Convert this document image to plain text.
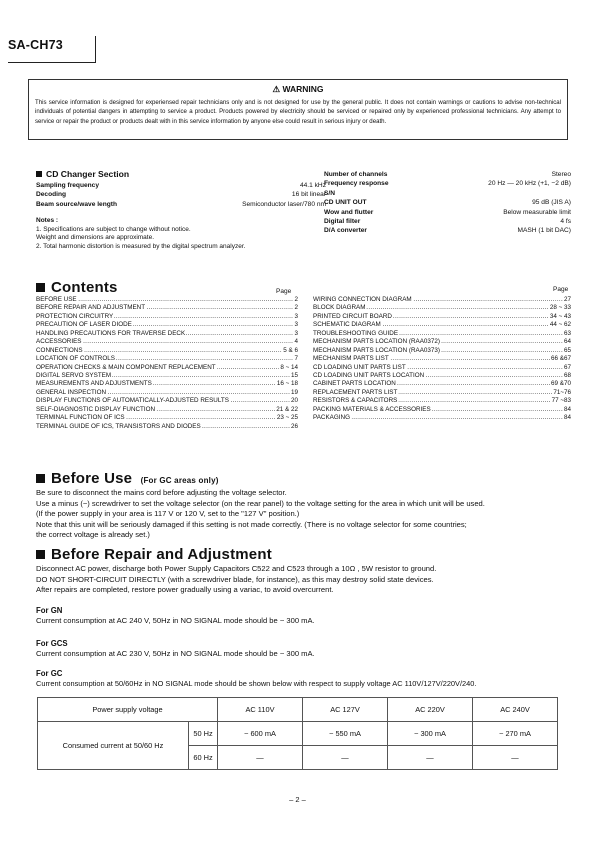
SA-CH73
⚠ WARNING
This service information is designed for experiensed repair technicians only and is not designed for use by the general public. It does not contain warnings or cautions to advise non-technical individuals of potential dangers in attempting to service a product. Products powered by electricity should be serviced or repaired only by experienced professional technicians. Any attempt to service or repair the product or products dealt with in this service information by anyone else could result in serious injury or death.
CD Changer Section
Sampling frequency	44.1 kHz
Decoding	16 bit linear
Beam source/wave length	Semiconductor laser/780 nm
Number of channels	Stereo
Frequency response	20 Hz — 20 kHz (+1, −2 dB)
S/N
CD UNIT OUT	95 dB (JIS A)
Wow and flutter	Below measurable limit
Digital filter	4 fs
D/A converter	MASH (1 bit DAC)
Notes :
1. Specifications are subject to change without notice.
Weight and dimensions are approximate.
2. Total harmonic distortion is measured by the digital spectrum analyzer.
Contents	Page	Page
..... BEFORE USE	2
..... BEFORE REPAIR AND ADJUSTMENT	2
..... PROTECTION CIRCUITRY	3
..... PRECAUTION OF LASER DIODE	3
..... HANDLING PRECAUTIONS FOR TRAVERSE DECK	3
..... ACCESSORIES	4
..... CONNECTIONS	5 & 6
..... LOCATION OF CONTROLS	7
..... OPERATION CHECKS & MAIN COMPONENT REPLACEMENT	8 ~ 14
..... DIGITAL SERVO SYSTEM	15
..... MEASUREMENTS AND ADJUSTMENTS	16 ~ 18
..... GENERAL INSPECTION	19
..... DISPLAY FUNCTIONS OF AUTOMATICALLY-ADJUSTED RESULTS	20
..... SELF-DIAGNOSTIC DISPLAY FUNCTION	21 & 22
..... TERMINAL FUNCTION OF ICS	23 ~ 25
..... TERMINAL GUIDE OF ICS, TRANSISTORS AND DIODES	26
..... WIRING CONNECTION DIAGRAM	27
..... BLOCK DIAGRAM	28 ~ 33
..... PRINTED CIRCUIT BOARD	34 ~ 43
..... SCHEMATIC DIAGRAM	44 ~ 62
..... TROUBLESHOOTING GUIDE	63
..... MECHANISM PARTS LOCATION (RAA0372)	64
..... MECHANISM PARTS LOCATION (RAA0373)	65
..... MECHANISM PARTS LIST	66 &67
..... CD LOADING UNIT PARTS LIST	67
..... CD LOADING UNIT PARTS LOCATION	68
..... CABINET PARTS LOCATION	69 &70
..... REPLACEMENT PARTS LIST	71~76
..... RESISTORS & CAPACITORS	77 ~83
..... PACKING MATERIALS & ACCESSORIES	84
..... PACKAGING	84
Before Use (For GC areas only)
Be sure to disconnect the mains cord before adjusting the voltage selector.
Use a minus (−) screwdriver to set the voltage selector (on the rear panel) to the voltage setting for the area in which unit will be used.
(If the power supply in your area is 117 V or 120 V, set to the "127 V" position.)
Note that this unit will be seriously damaged if this setting is not made correctly. (There is no voltage selector for some countries;
the correct voltage is already set.)
Before Repair and Adjustment
Disconnect AC power, discharge both Power Supply Capacitors C522 and C523 through a 10Ω , 5W resistor to ground.
DO NOT SHORT-CIRCUIT DIRECTLY (with a screwdriver blade, for instance), as this may destroy solid state devices.
After repairs are completed, restore power gradually using a variac, to avoid overcurrent.
For GN
Current consumption at AC 240 V, 50Hz in NO SIGNAL mode should be ~ 300 mA.
For GCS
Current consumption at AC 230 V, 50Hz in NO SIGNAL mode should be ~ 300 mA.
For GC
Current consumption at 50/60Hz in NO SIGNAL mode should be shown below with respect to supply voltage AC 110V/127V/220V/240.
Power supply voltage		AC 110V	AC 127V	AC 220V	AC 240V
Consumed current at 50/60 Hz	50 Hz	~ 600 mA	~ 550 mA	~ 300 mA	~ 270 mA
	60 Hz	—	—	—	—
– 2 –
